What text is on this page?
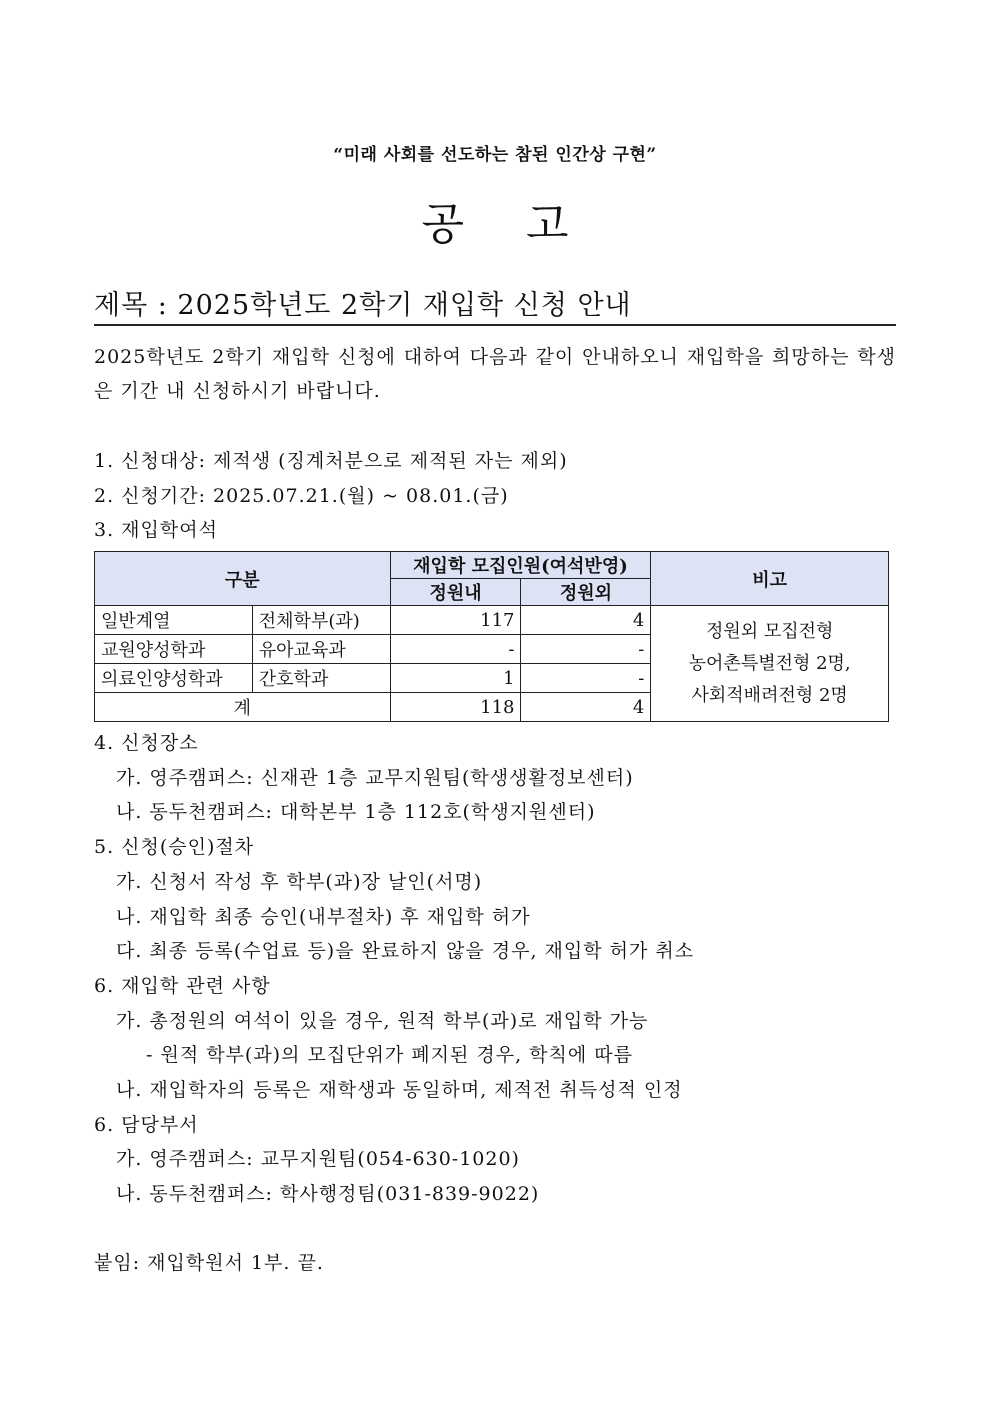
“미래 사회를 선도하는 참된 인간상 구현”
공고
제목 : 2025학년도 2학기 재입학 신청 안내
2025학년도 2학기 재입학 신청에 대하여 다음과 같이 안내하오니 재입학을 희망하는 학생은 기간 내 신청하시기 바랍니다.
1. 신청대상: 제적생 (징계처분으로 제적된 자는 제외)
2. 신청기간: 2025.07.21.(월) ~ 08.01.(금)
3. 재입학여석
구분		재입학 모집인원(여석반영)		비고
		정원내	정원외	
일반계열	전체학부(과)	117	4	정원외 모집전형
농어촌특별전형 2명,
사회적배려전형 2명

교원양성학과	유아교육과	-	-	
의료인양성학과	간호학과	1	-	
계		118	4	
4. 신청장소
가. 영주캠퍼스: 신재관 1층 교무지원팀(학생생활정보센터)
나. 동두천캠퍼스: 대학본부 1층 112호(학생지원센터)
5. 신청(승인)절차
가. 신청서 작성 후 학부(과)장 날인(서명)
나. 재입학 최종 승인(내부절차) 후 재입학 허가
다. 최종 등록(수업료 등)을 완료하지 않을 경우, 재입학 허가 취소
6. 재입학 관련 사항
가. 총정원의 여석이 있을 경우, 원적 학부(과)로 재입학 가능
- 원적 학부(과)의 모집단위가 폐지된 경우, 학칙에 따름
나. 재입학자의 등록은 재학생과 동일하며, 제적전 취득성적 인정
6. 담당부서
가. 영주캠퍼스: 교무지원팀(054-630-1020)
나. 동두천캠퍼스: 학사행정팀(031-839-9022)
붙임: 재입학원서 1부. 끝.
